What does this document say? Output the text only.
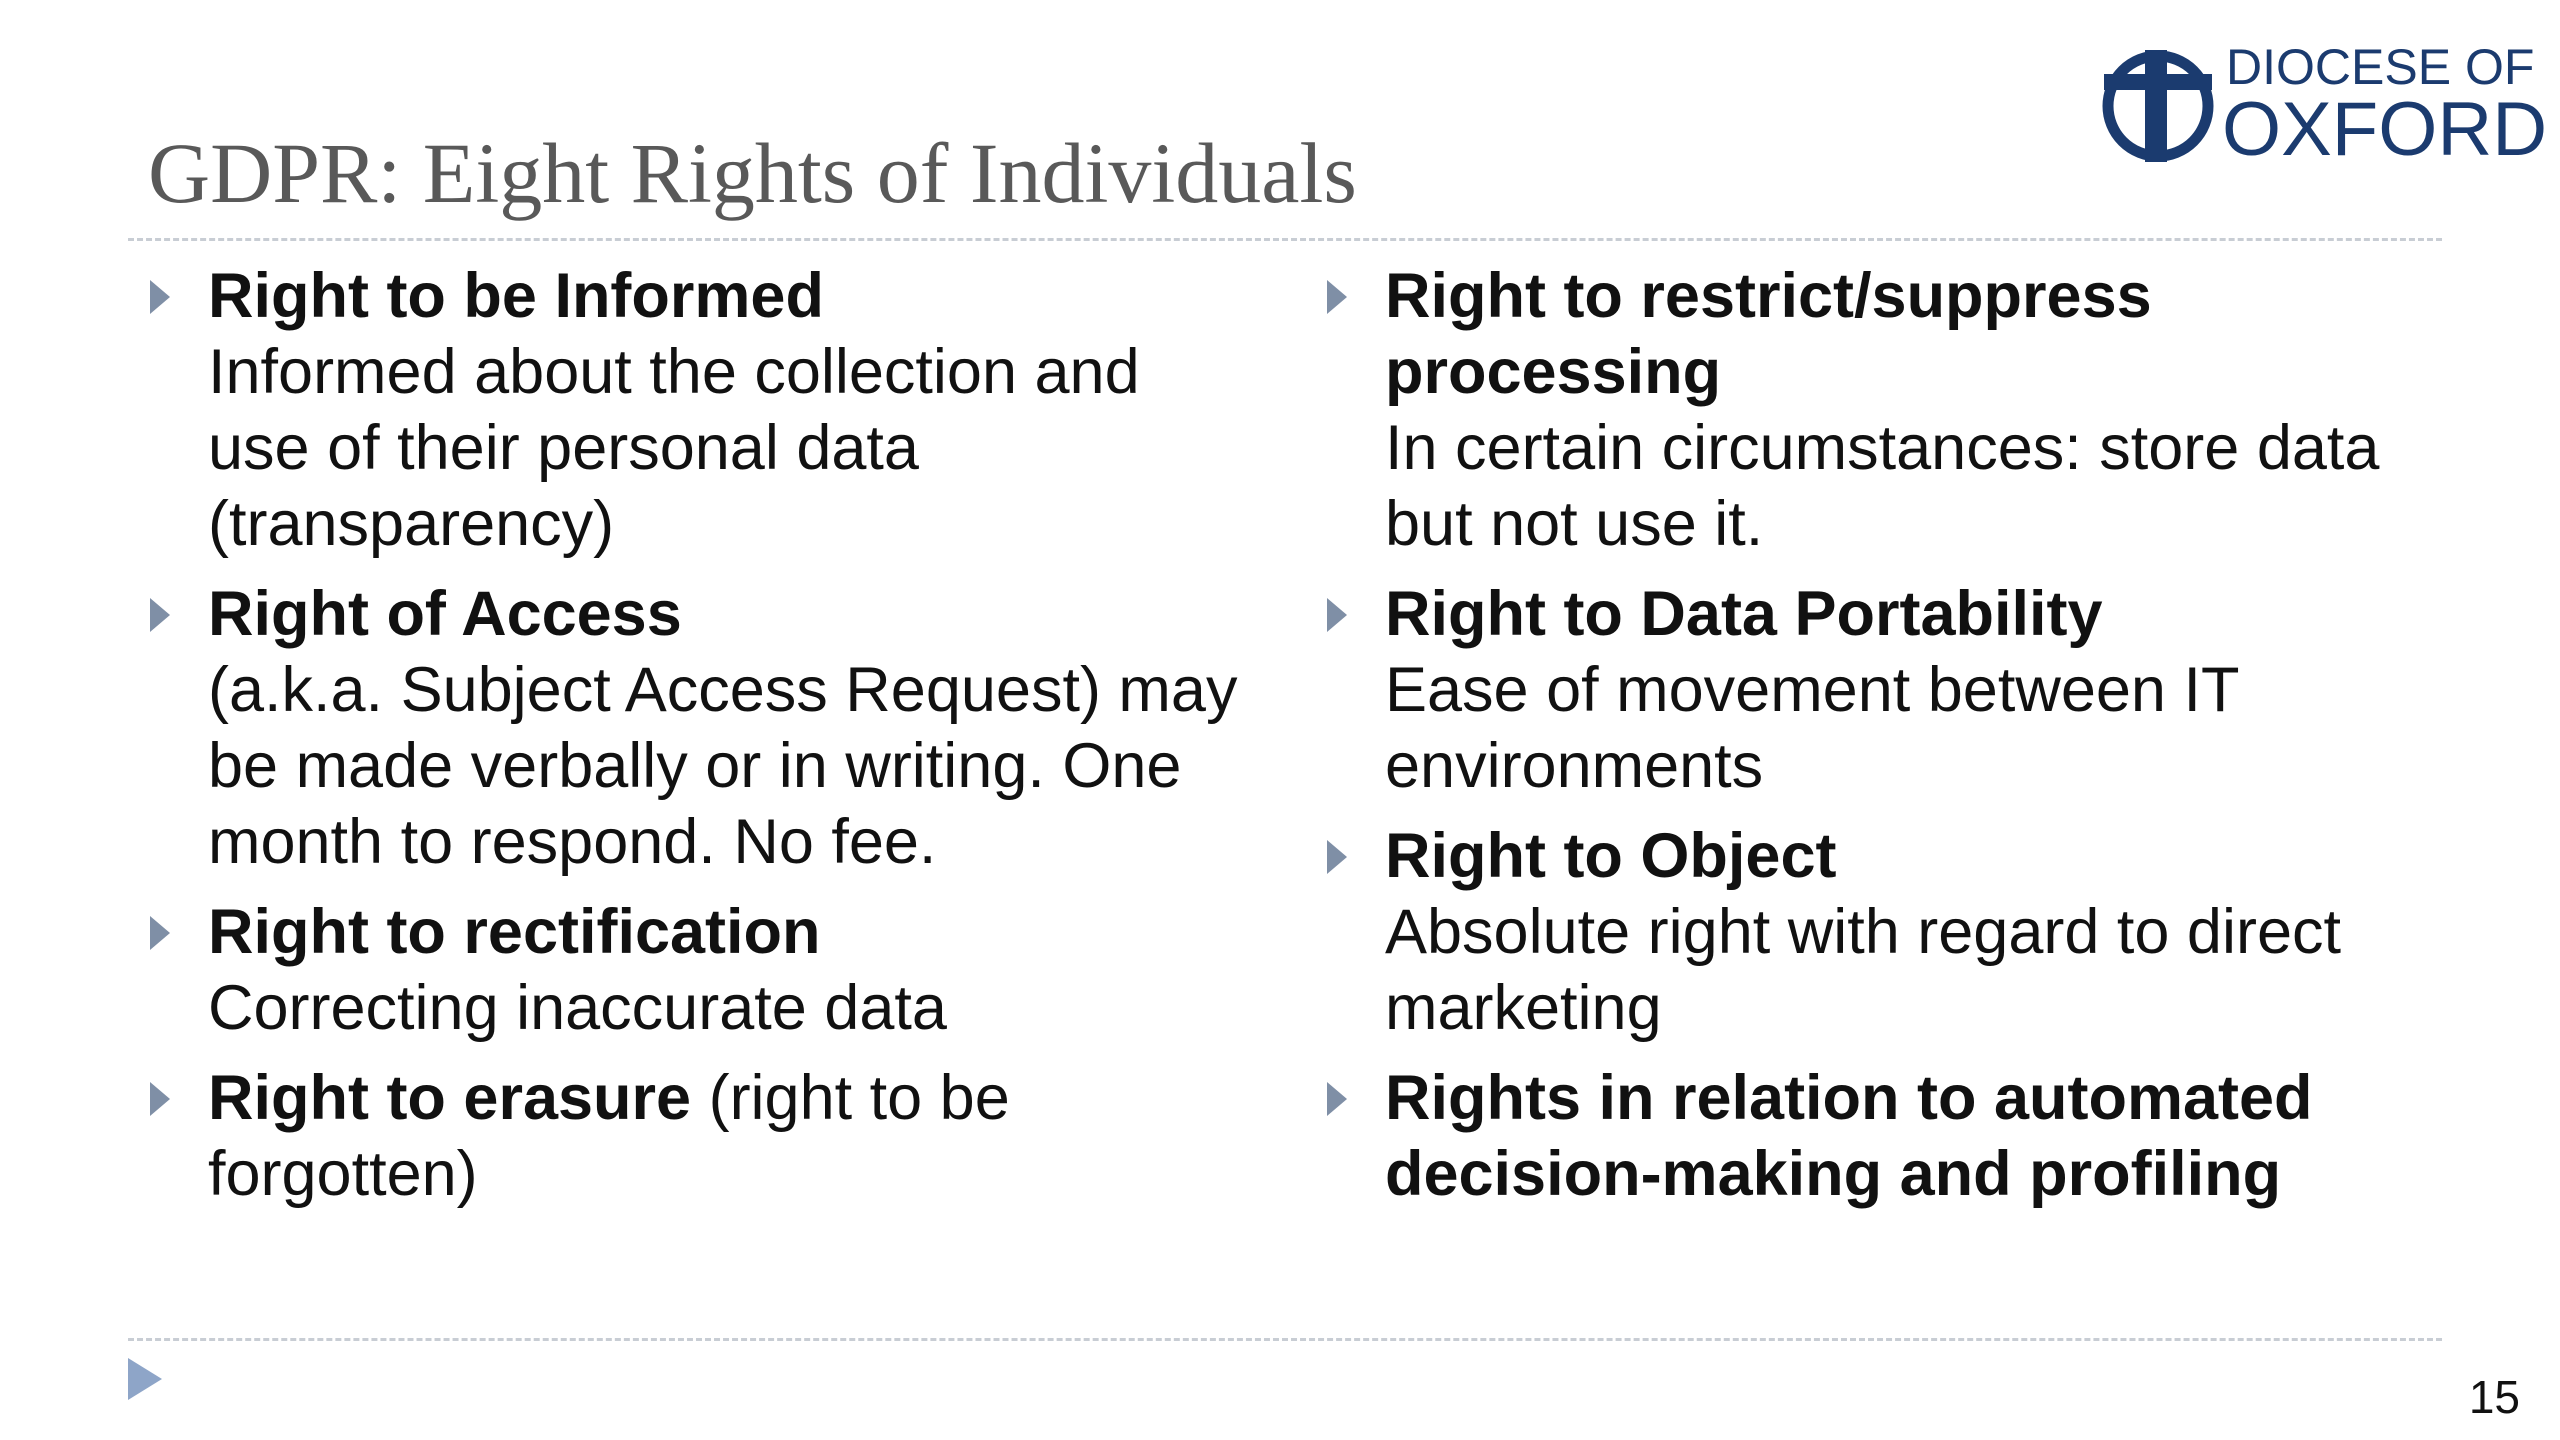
GDPR: Eight Rights of Individuals
DIOCESE OF
OXFORD
Right to be Informed
Informed about the collection and use of their personal data (transparency)
Right of Access
(a.k.a. Subject Access Request) may be made verbally or in writing. One month to respond. No fee.
Right to rectification
Correcting inaccurate data
Right to erasure (right to be forgotten)
Right to restrict/suppress processing
In certain circumstances: store data but not use it.
Right to Data Portability
Ease of movement between IT environments
Right to Object
Absolute right with regard to direct marketing
Rights in relation to automated decision-making and profiling
15
